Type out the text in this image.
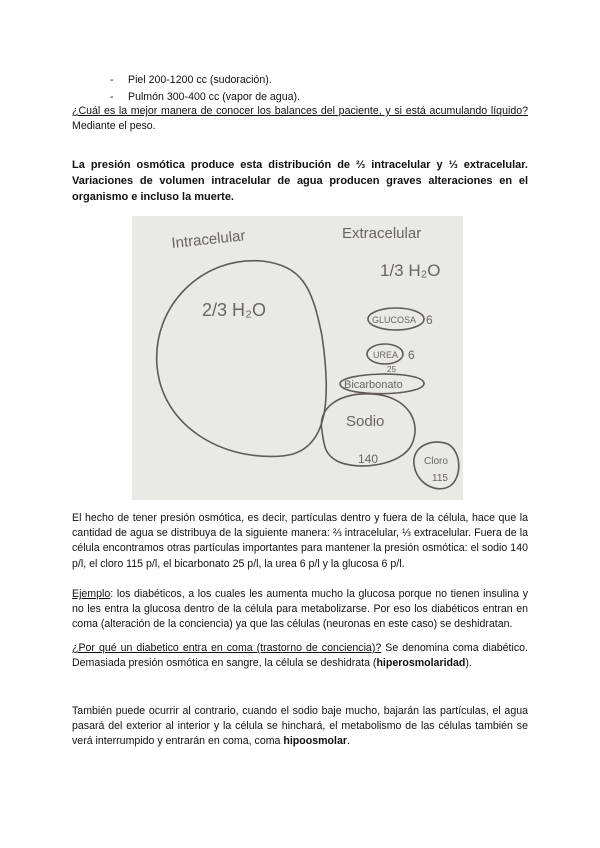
- Piel 200-1200 cc (sudoración).
- Pulmón 300-400 cc (vapor de agua).

¿Cuál es la mejor manera de conocer los balances del paciente, y si está acumulando líquido? Mediante el peso.

La presión osmótica produce esta distribución de ⅔ intracelular y ⅓ extracelular. Variaciones de volumen intracelular de agua producen graves alteraciones en el organismo e incluso la muerte.

Intracelular
2/3 H₂O
Extracelular
1/3 H₂O
GLUCOSA 6
UREA 6
25
Bicarbonato
Sodio
140	Cloro
115

El hecho de tener presión osmótica, es decir, partículas dentro y fuera de la célula, hace que la cantidad de agua se distribuya de la siguiente manera: ⅔ intracelular, ⅓ extracelular. Fuera de la célula encontramos otras partículas importantes para mantener la presión osmótica: el sodio 140 p/l, el cloro 115 p/l, el bicarbonato 25 p/l, la urea 6 p/l y la glucosa 6 p/l.

Ejemplo: los diabéticos, a los cuales les aumenta mucho la glucosa porque no tienen insulina y no les entra la glucosa dentro de la célula para metabolizarse. Por eso los diabéticos entran en coma (alteración de la conciencia) ya que las células (neuronas en este caso) se deshidratan.

¿Por qué un diabetico entra en coma (trastorno de conciencia)? Se denomina coma diabético. Demasiada presión osmótica en sangre, la célula se deshidrata (hiperosmolaridad).

También puede ocurrir al contrario, cuando el sodio baje mucho, bajarán las partículas, el agua pasará del exterior al interior y la célula se hinchará, el metabolismo de las células también se verá interrumpido y entrarán en coma, coma hipoosmolar.
